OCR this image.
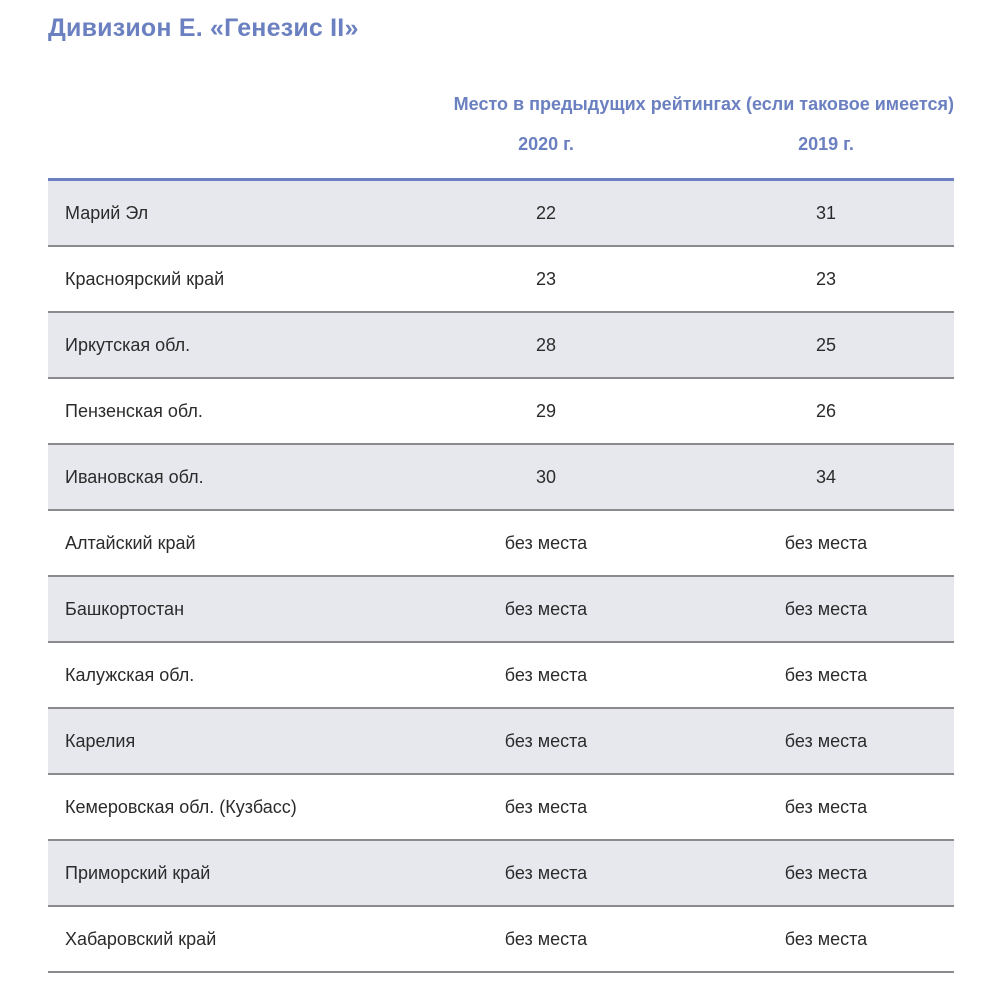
Дивизион Е. «Генезис II»
Место в предыдущих рейтингах (если таковое имеется)
2020 г.	2019 г.
Марий Эл	22	31
Красноярский край	23	23
Иркутская обл.	28	25
Пензенская обл.	29	26
Ивановская обл.	30	34
Алтайский край	без места	без места
Башкортостан	без места	без места
Калужская обл.	без места	без места
Карелия	без места	без места
Кемеровская обл. (Кузбасс)	без места	без места
Приморский край	без места	без места
Хабаровский край	без места	без места
